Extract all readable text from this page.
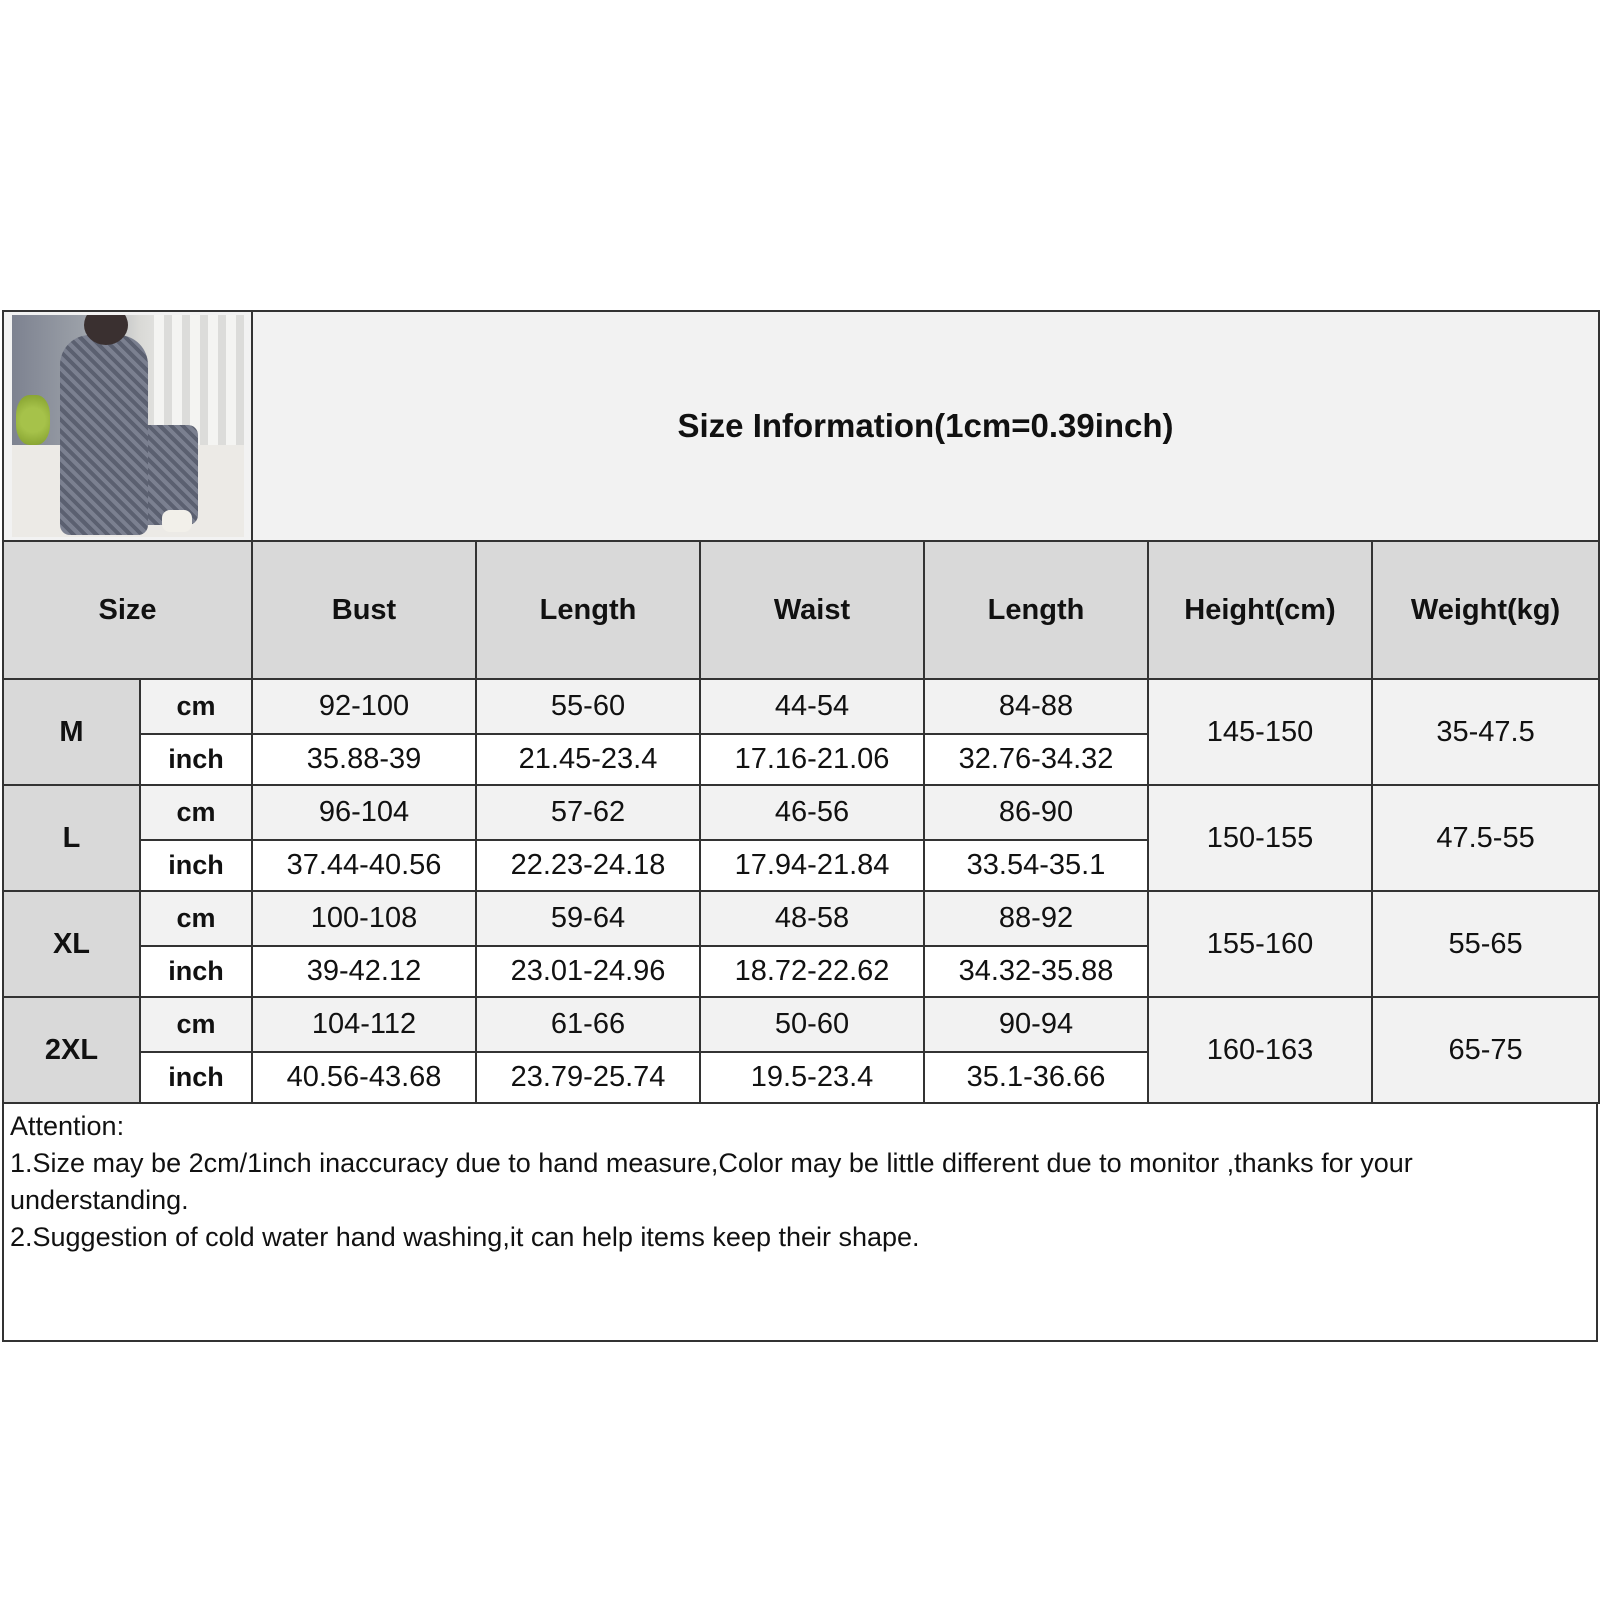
		Size Information(1cm=0.39inch)					
Size		Bust	Length	Waist	Length	Height(cm)	Weight(kg)
M	cm	92-100	55-60	44-54	84-88	145-150	35-47.5
	inch	35.88-39	21.45-23.4	17.16-21.06	32.76-34.32		
L	cm	96-104	57-62	46-56	86-90	150-155	47.5-55
	inch	37.44-40.56	22.23-24.18	17.94-21.84	33.54-35.1		
XL	cm	100-108	59-64	48-58	88-92	155-160	55-65
	inch	39-42.12	23.01-24.96	18.72-22.62	34.32-35.88		
2XL	cm	104-112	61-66	50-60	90-94	160-163	65-75
	inch	40.56-43.68	23.79-25.74	19.5-23.4	35.1-36.66		

Attention:

1.Size may be 2cm/1inch inaccuracy due to hand measure,Color may be little different due to monitor ,thanks for your understanding.

2.Suggestion of cold water hand washing,it can help items keep their shape.
